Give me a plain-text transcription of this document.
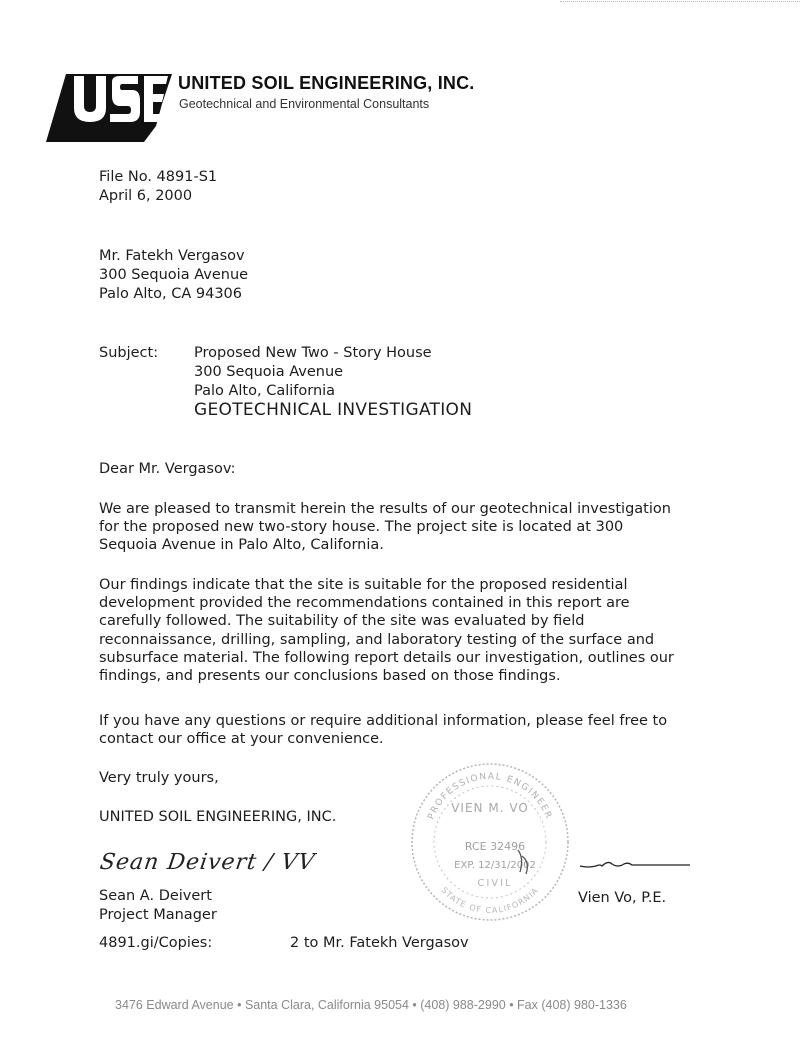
UNITED SOIL ENGINEERING, INC.
Geotechnical and Environmental Consultants
File No. 4891-S1
April 6, 2000
Mr. Fatekh Vergasov
300 Sequoia Avenue
Palo Alto, CA 94306
Subject: Proposed New Two - Story House
300 Sequoia Avenue
Palo Alto, California
GEOTECHNICAL INVESTIGATION
Dear Mr. Vergasov:
We are pleased to transmit herein the results of our geotechnical investigation
for the proposed new two-story house. The project site is located at 300
Sequoia Avenue in Palo Alto, California.
Our findings indicate that the site is suitable for the proposed residential
development provided the recommendations contained in this report are
carefully followed. The suitability of the site was evaluated by field
reconnaissance, drilling, sampling, and laboratory testing of the surface and
subsurface material. The following report details our investigation, outlines our
findings, and presents our conclusions based on those findings.
If you have any questions or require additional information, please feel free to
contact our office at your convenience.
Very truly yours,
UNITED SOIL ENGINEERING, INC.
Sean Deivert / VV
PROFESSIONAL ENGINEER
STATE OF CALIFORNIA
VIEN M. VO
RCE 32496
EXP. 12/31/2002
CIVIL
Sean A. Deivert
Project Manager
Vien Vo, P.E.
4891.gi/Copies:	2 to Mr. Fatekh Vergasov
3476 Edward Avenue • Santa Clara, California 95054 • (408) 988-2990 • Fax (408) 980-1336
